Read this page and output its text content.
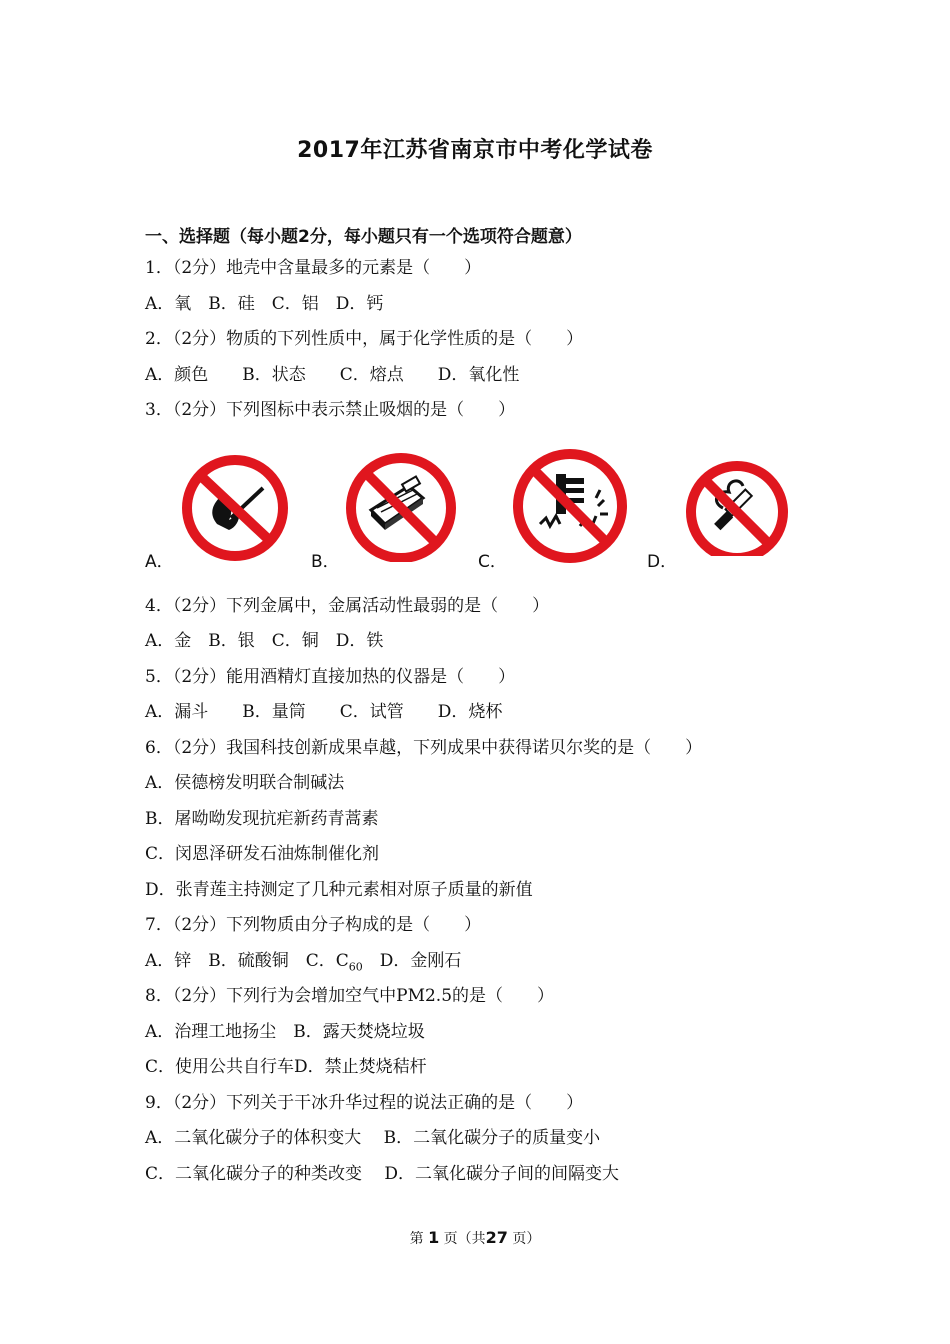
2017年江苏省南京市中考化学试卷
一、选择题（每小题2分，每小题只有一个选项符合题意）
1．（2分）地壳中含量最多的元素是（　　）
A．氧　B．硅　C．铝　D．钙
2．（2分）物质的下列性质中，属于化学性质的是（　　）
A．颜色　　B．状态　　C．熔点　　D．氧化性
3．（2分）下列图标中表示禁止吸烟的是（　　）
A．	B．	C．	D．
4．（2分）下列金属中，金属活动性最弱的是（　　）
A．金　B．银　C．铜　D．铁
5．（2分）能用酒精灯直接加热的仪器是（　　）
A．漏斗　　B．量筒　　C．试管　　D．烧杯
6．（2分）我国科技创新成果卓越，下列成果中获得诺贝尔奖的是（　　）
A．侯德榜发明联合制碱法
B．屠呦呦发现抗疟新药青蒿素
C．闵恩泽研发石油炼制催化剂
D．张青莲主持测定了几种元素相对原子质量的新值
7．（2分）下列物质由分子构成的是（　　）
A．锌　B．硫酸铜　C．$C_{60}$　D．金刚石
8．（2分）下列行为会增加空气中PM2.5的是（　　）
A．治理工地扬尘　B．露天焚烧垃圾
C．使用公共自行车D．禁止焚烧秸杆
9．（2分）下列关于干冰升华过程的说法正确的是（　　）
A．二氧化碳分子的体积变大　 B．二氧化碳分子的质量变小
C．二氧化碳分子的种类改变　 D．二氧化碳分子间的间隔变大
第 1 页（共27 页）
